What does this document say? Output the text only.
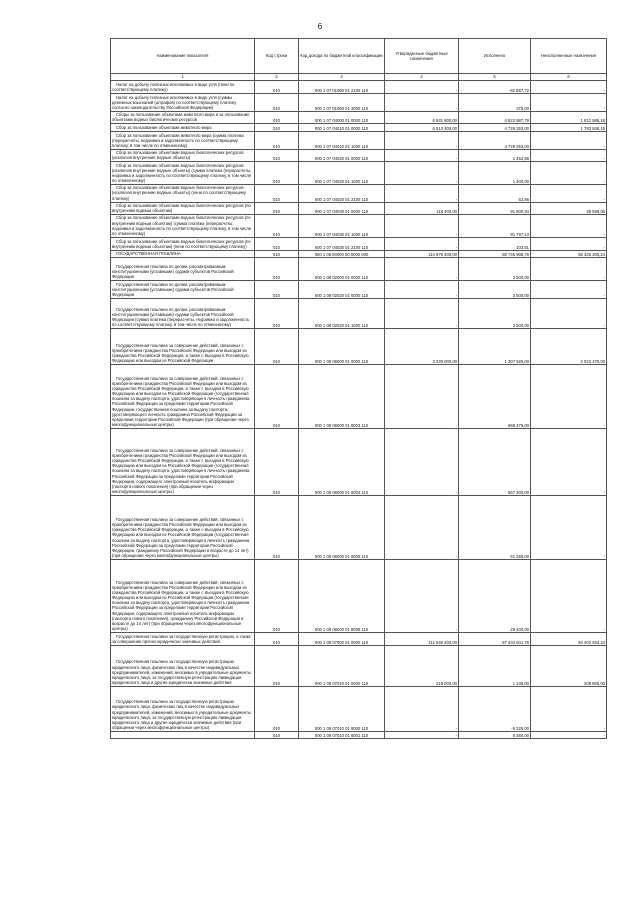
6
Наименование показателя	Код строки	Код дохода по бюджетной классификации	Утвержденные бюджетные назначения	Исполнено	Неисполненные назначения
1	2	3	4	5	6

Налог на добычу полезных ископаемых в виде угля (пени по соответствующему платежу)	010	000 1 07 01060 01 2100 110	-	-82 657,72	-

Налог на добычу полезных ископаемых в виде угля (суммы денежных взысканий (штрафов) по соответствующему платежу согласно законодательству Российской Федерации)	010	000 1 07 01060 01 3000 110	-	375,00	-

Сборы за пользование объектами животного мира и за пользование объектами водных биологических ресурсов	010	000 1 07 04000 01 0000 110	6 631 800,00	4 822 887,78	1 812 585,18

Сбор за пользование объектами животного мира	010	000 1 07 04010 01 0000 110	6 513 400,00	4 729 253,00	1 783 846,16

Сбор за пользование объектами животного мира (сумма платежа (перерасчеты, недоимка и задолженность по соответствующему платежу, в том числе по отмененному)	010	000 1 07 04010 01 1000 110	-	4 729 253,00	-

Сбор за пользование объектами водных биологических ресурсов (исключая внутренние водные объекты)	010	000 1 07 04020 01 0000 110	-	1 452,86	-

Сбор за пользование объектами водных биологических ресурсов (исключая внутренние водные объекты) (сумма платежа (перерасчеты, недоимка и задолженность по соответствующему платежу, в том числе по отмененному)	010	000 1 07 04020 01 1000 110	-	1 400,00	-

Сбор за пользование объектами водных биологических ресурсов (исключая внутренние водные объекты) (пени по соответствующему платежу)	010	000 1 07 04020 01 2100 110	-	52,86	-

Сбор за пользование объектами водных биологических ресурсов (по внутренним водным объектам)	010	000 1 07 04030 01 0000 110	118 400,00	91 800,94	26 599,06

Сбор за пользование объектами водных биологических ресурсов (по внутренним водным объектам) (сумма платежа (перерасчеты, недоимка и задолженность по соответствующему платежу, в том числе по отмененному)	010	000 1 07 04030 01 1000 110	-	91 797,13	-

Сбор за пользование объектами водных биологических ресурсов (по внутренним водным объектам) (пени по соответствующему платежу)	010	000 1 07 04030 01 2100 110	-	103,81	-

ГОСУДАРСТВЕННАЯ ПОШЛИНА	010	000 1 08 00000 00 0000 000	114 876 400,00	58 745 906,76	56 425 405,24

Государственная пошлина по делам, рассматриваемым конституционными (уставными) судами субъектов Российской Федерации	010	000 1 08 02000 01 0000 110	-	3 500,00	-

Государственная пошлина по делам, рассматриваемым конституционными (уставными) судами субъектов Российской Федерации	010	000 1 08 02020 01 0000 110	-	3 500,00	-

Государственная пошлина по делам, рассматриваемым конституционными (уставными) судами субъектов Российской Федерации (сумма платежа (перерасчеты, недоимка и задолженность по соответствующему платежу, в том числе по отмененному)	010	000 1 08 02020 01 1000 110	-	3 500,00	-

Государственная пошлина за совершение действий, связанных с приобретением гражданства Российской Федерации или выходом из гражданства Российской Федерации, а также с въездом в Российскую Федерацию или выездом из Российской Федерации	010	000 1 08 06000 01 0000 110	3 330 000,00	1 307 525,00	2 022 475,00

Государственная пошлина за совершение действий, связанных с приобретением гражданства Российской Федерации или выходом из гражданства Российской Федерации, а также с въездом в Российскую Федерацию или выездом из Российской Федерации (государственная пошлина за выдачу паспорта, удостоверяющего личность гражданина Российской Федерации за пределами территории Российской Федерации, государственная пошлина за выдачу паспорта, удостоверяющего личность гражданина Российской Федерации за пределами территории Российской Федерации (при обращении через многофункциональные центры)	010	000 1 08 06000 01 8003 110	-	669 475,00	-

Государственная пошлина за совершение действий, связанных с приобретением гражданства Российской Федерации или выходом из гражданства Российской Федерации, а также с въездом в Российскую Федерацию или выездом из Российской Федерации (государственная пошлина за выдачу паспорта, удостоверяющего личность гражданина Российской Федерации за пределами территории Российской Федерации, содержащего электронный носитель информации (паспорта нового поколения) (при обращении через многофункциональные центры)	010	000 1 08 06000 01 8004 110	-	567 300,00	-

Государственная пошлина за совершение действий, связанных с приобретением гражданства Российской Федерации или выходом из гражданства Российской Федерации, а также с въездом в Российскую Федерацию или выездом из Российской Федерации (государственная пошлина за выдачу паспорта, удостоверяющего личность гражданина Российской Федерации за пределами территории Российской Федерации, гражданину Российской Федерации в возрасте до 14 лет) (при обращении через многофункциональные центры)	010	000 1 08 06000 01 8005 110	-	61 350,00	-

Государственная пошлина за совершение действий, связанных с приобретением гражданства Российской Федерации или выходом из гражданства Российской Федерации, а также с въездом в Российскую Федерацию или выездом из Российской Федерации (государственная пошлина за выдачу паспорта, удостоверяющего личность гражданина Российской Федерации за пределами территории Российской Федерации, содержащего электронный носитель информации (паспорта нового поколения), гражданину Российской Федерации в возрасте до 14 лет) (при обращении через многофункциональные центры)	010	000 1 08 06000 01 8006 110	-	29 400,00	-

Государственная пошлина за государственную регистрацию, а также за совершение прочих юридически значимых действий	010	000 1 08 07000 01 0000 110	111 546 400,00	57 434 841,76	54 402 933,24

Государственная пошлина за государственную регистрацию юридического лица, физических лиц в качестве индивидуальных предпринимателей, изменений, вносимых в учредительные документы юридического лица, за государственную регистрацию ликвидации юридического лица и другие юридически значимые действия	010	000 1 08 07010 01 0000 110	219 000,00	1 135,00	208 865,00

Государственная пошлина за государственную регистрацию юридического лица, физических лиц в качестве индивидуальных предпринимателей, изменений, вносимых в учредительные документы юридического лица, за государственную регистрацию ликвидации юридического лица и другие юридически значимые действия (при обращении через многофункциональные центры)	010	000 1 08 07010 01 8000 110	-	-5 225,00	-

	010	000 1 08 07010 01 8001 110	-	6 360,00	-
